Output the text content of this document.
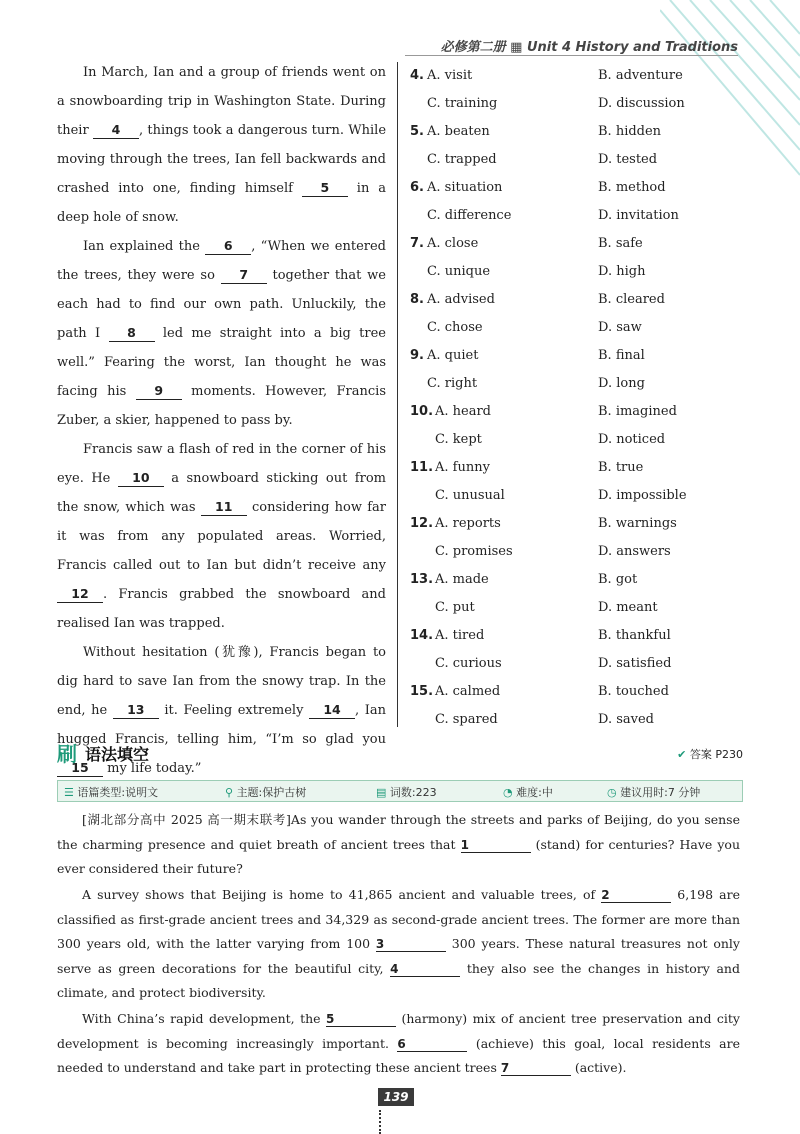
必修第二册 ▦ Unit 4 History and Traditions

In March, Ian and a group of friends went on a snowboarding trip in Washington State. During their 4 , things took a dangerous turn. While moving through the trees, Ian fell backwards and crashed into one, finding himself 5 in a deep hole of snow.

Ian explained the 6 , “When we entered the trees, they were so 7 together that we each had to find our own path. Unluckily, the path I 8 led me straight into a big tree well.” Fearing the worst, Ian thought he was facing his 9 moments. However, Francis Zuber, a skier, happened to pass by.

Francis saw a flash of red in the corner of his eye. He 10 a snowboard sticking out from the snow, which was 11 considering how far it was from any populated areas. Worried, Francis called out to Ian but didn’t receive any 12 . Francis grabbed the snowboard and realised Ian was trapped.

Without hesitation (犹豫), Francis began to dig hard to save Ian from the snowy trap. In the end, he 13 it. Feeling extremely 14 , Ian hugged Francis, telling him, “I’m so glad you 15 my life today.”

4. A. visit	B. adventure
C. training	D. discussion
5. A. beaten	B. hidden
C. trapped	D. tested
6. A. situation	B. method
C. difference	D. invitation
7. A. close	B. safe
C. unique	D. high
8. A. advised	B. cleared
C. chose	D. saw
9. A. quiet	B. final
C. right	D. long
10. A. heard	B. imagined
C. kept	D. noticed
11. A. funny	B. true
C. unusual	D. impossible
12. A. reports	B. warnings
C. promises	D. answers
13. A. made	B. got
C. put	D. meant
14. A. tired	B. thankful
C. curious	D. satisfied
15. A. calmed	B. touched
C. spared	D. saved
刷 语法填空	✔ 答案 P230
☰ 语篇类型:说明文	⚲ 主题:保护古树	▤ 词数:223	◔ 难度:中	◷ 建议用时:7 分钟

[湖北部分高中 2025 高一期末联考]As you wander through the streets and parks of Beijing, do you sense the charming presence and quiet breath of ancient trees that 1	(stand) for centuries? Have you ever considered their future?

A survey shows that Beijing is home to 41,865 ancient and valuable trees, of 2	6,198 are classified as first-grade ancient trees and 34,329 as second-grade ancient trees. The former are more than 300 years old, with the latter varying from 100 3	300 years. These natural treasures not only serve as green decorations for the beautiful city, 4	they also see the changes in history and climate, and protect biodiversity.

With China’s rapid development, the 5	(harmony) mix of ancient tree preservation and city development is becoming increasingly important. 6	(achieve) this goal, local residents are needed to understand and take part in protecting these ancient trees 7	(active).

139
